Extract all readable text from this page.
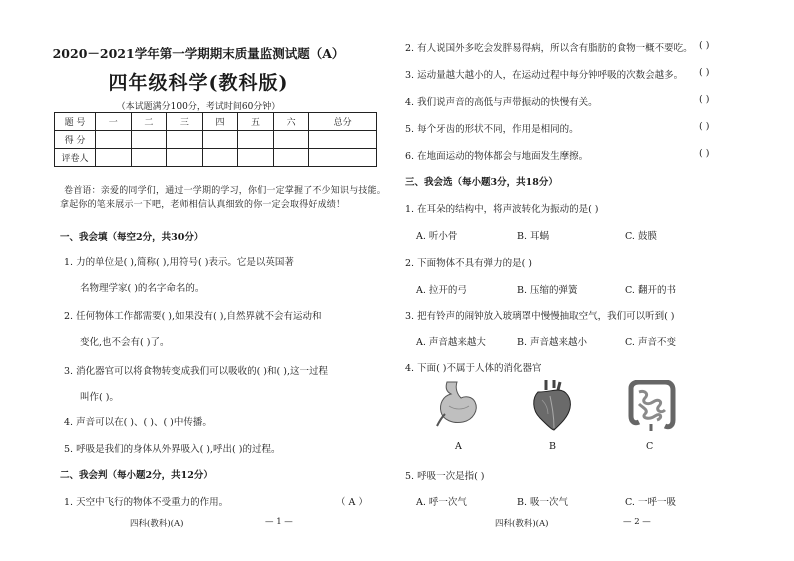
2020－2021学年第一学期期末质量监测试题（A）
四年级科学(教科版)
（本试题满分100分，考试时间60分钟）
题 号	一	二	三	四	五	六	总分
得 分							
评卷人							
卷首语：亲爱的同学们，通过一学期的学习，你们一定掌握了不少知识与技能。
拿起你的笔来展示一下吧，老师相信认真细致的你一定会取得好成绩！
一、我会填（每空2分，共30分）
1. 力的单位是( ),简称( ),用符号( )表示。它是以英国著
名物理学家( )的名字命名的。
2. 任何物体工作都需要( ),如果没有( ),自然界就不会有运动和
变化,也不会有( )了。
3. 消化器官可以将食物转变成我们可以吸收的( )和( ),这一过程
叫作( )。
4. 声音可以在( )、( )、( )中传播。
5. 呼吸是我们的身体从外界吸入( ),呼出( )的过程。
二、我会判（每小题2分，共12分）
1. 天空中飞行的物体不受重力的作用。	（ A ）
四科(教科)(A)	— 1 —
2. 有人说国外多吃会发胖易得病，所以含有脂肪的食物一概不要吃。 ( )
3. 运动量越大越小的人，在运动过程中每分钟呼吸的次数会越多。 ( )
4. 我们说声音的高低与声带振动的快慢有关。	( )
5. 每个牙齿的形状不同，作用是相同的。	( )
6. 在地面运动的物体都会与地面发生摩擦。	( )
三、我会选（每小题3分，共18分）
1. 在耳朵的结构中，将声波转化为振动的是( )
A. 听小骨	B. 耳蜗	C. 鼓膜
2. 下面物体不具有弹力的是( )
A. 拉开的弓	B. 压缩的弹簧	C. 翻开的书
3. 把有铃声的闹钟放入玻璃罩中慢慢抽取空气，我们可以听到( )
A. 声音越来越大	B. 声音越来越小	C. 声音不变
4. 下面( )不属于人体的消化器官
A	B	C
5. 呼吸一次是指( )
A. 呼一次气	B. 吸一次气	C. 一呼一吸
四科(教科)(A)	— 2 —
